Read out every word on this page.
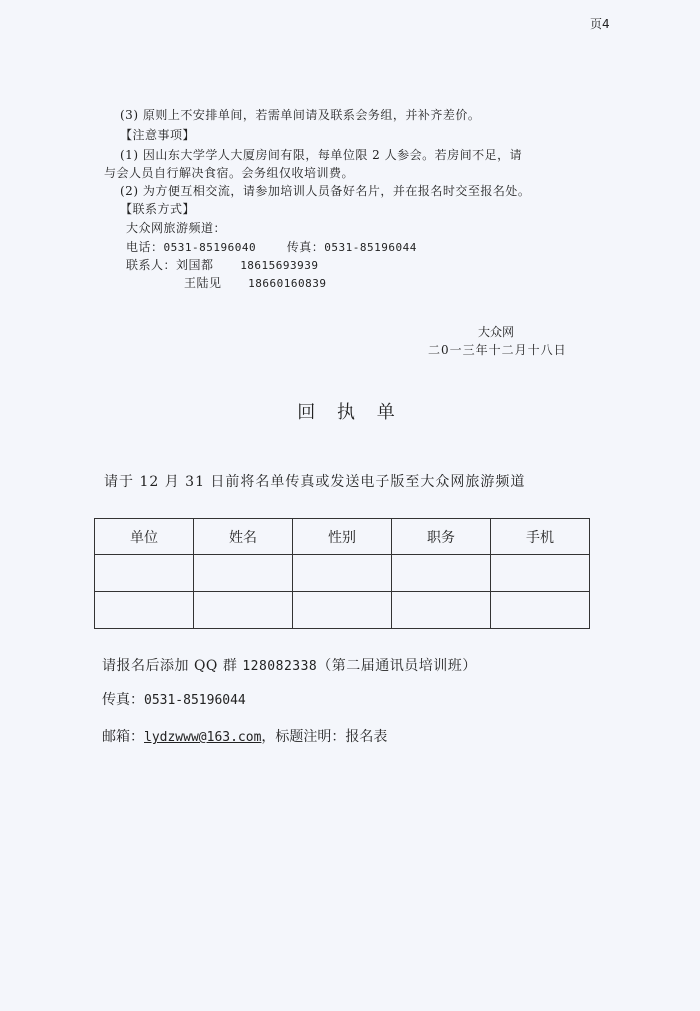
页4
(3) 原则上不安排单间，若需单间请及联系会务组，并补齐差价。
【注意事项】
(1) 因山东大学学人大厦房间有限，每单位限 2 人参会。若房间不足，请
与会人员自行解决食宿。会务组仅收培训费。
(2) 为方便互相交流，请参加培训人员备好名片，并在报名时交至报名处。
【联系方式】
大众网旅游频道：
电话：0531-85196040	传真：0531-85196044
联系人：刘国都 18615693939
王陆见 18660160839
大众网
二0一三年十二月十八日
回 执 单
请于 12 月 31 日前将名单传真或发送电子版至大众网旅游频道
单位	姓名	性别	职务	手机

请报名后添加 QQ 群 128082338（第二届通讯员培训班）
传真：0531-85196044
邮箱：lydzwww@163.com，标题注明：报名表
